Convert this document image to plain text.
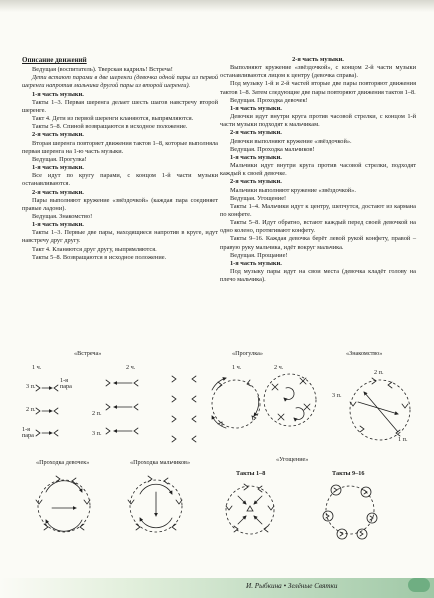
Описание движений

Ведущая (воспитатель). Тверская кадриль! Встреча!

Дети встают парами в две шеренги (девочка одной пары из первой шеренги напротив мальчика другой пары из второй шеренги).

1-я часть музыки.

Такты 1–3. Первая шеренга делает шесть шагов навстречу второй шеренге.

Такт 4. Дети из первой шеренги кланяются, выпрямляются.

Такты 5–8. Спиной возвращаются в исходное положение.

2-я часть музыки.

Вторая шеренга повторяет движения тактов 1–8, которые выполняла первая шеренга на 1-ю часть музыки.

Ведущая. Прогулка!

1-я часть музыки.

Все идут по кругу парами, с концом 1-й части музыки останавливаются.

2-я часть музыки.

Пары выполняют кружение «звёздочкой» (каждая пара соединяет правые ладони).

Ведущая. Знакомство!

1-я часть музыки.

Такты 1–3. Первые две пары, находящиеся напротив в круге, идут навстречу друг другу.

Такт 4. Кланяются друг другу, выпрямляются.

Такты 5–8. Возвращаются в исходное положение.

2-я часть музыки.

Выполняют кружение «звёздочкой», с концом 2-й части музыки останавливаются лицом к центру (девочка справа).

Под музыку 1-й и 2-й частей вторые две пары повторяют движения тактов 1–8. Затем следующие две пары повторяют движения тактов 1–8.

Ведущая. Проходка девочек!

1-я часть музыки.

Девочки идут внутри круга против часовой стрелки, с концом 1-й части музыки подходят к мальчикам.

2-я часть музыки.

Девочки выполняют кружение «звёздочкой».

Ведущая. Проходка мальчиков!

1-я часть музыки.

Мальчики идут внутри круга против часовой стрелки, подходят каждый к своей девочке.

2-я часть музыки.

Мальчики выполняют кружение «звёздочкой».

Ведущая. Угощение!

Такты 1–4. Мальчики идут к центру, шепчутся, достают из кармана по конфете.

Такты 5–8. Идут обратно, встают каждый перед своей девочкой на одно колено, протягивают конфету.

Такты 9–16. Каждая девочка берёт левой рукой конфету, правой – правую руку мальчика, идёт вокруг мальчика.

Ведущая. Прощание!

1-я часть музыки.

Под музыку пары идут на свои места (девочка кладёт голову на плечо мальчика).

«Встреча»	«Прогулка»	«Знакомство»
1 ч.	2 ч.	1 ч.	2 ч.
3 п.
2 п.
1-я пара
1-я пара
2 п.
3 п.
2 п.
3 п.
1 п.
«Проходка девочек»	«Проходка мальчиков»	«Угощение»
Такты 1–8	Такты 9–16
И. Рыбкина • Зелёные Святки
